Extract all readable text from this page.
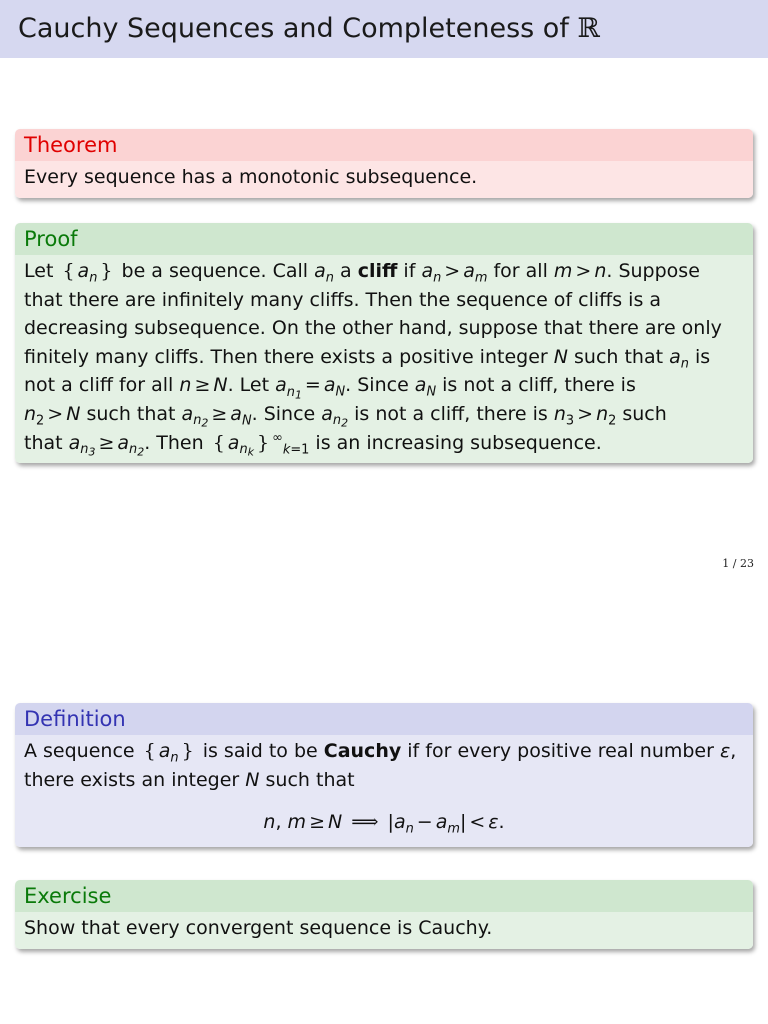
Cauchy Sequences and Completeness of ℝ
Theorem
Every sequence has a monotonic subsequence.
Proof
Let { $a_n$ } be a sequence. Call $a_n$ a cliff if $a_n > a_m$ for all m > n. Suppose
that there are infinitely many cliffs. Then the sequence of cliffs is a
decreasing subsequence. On the other hand, suppose that there are only
finitely many cliffs. Then there exists a positive integer N such that $a_n$ is
not a cliff for all n ≥ N. Let $a_{n_1} = a_N$. Since $a_N$ is not a cliff, there is
$n_2 > N$ such that $a_{n_2} \ge a_N$. Since $a_{n_2}$ is not a cliff, there is $n_3 > n_2$ such
that $a_{n_3} \ge a_{n_2}$. Then { $a_{n_k}$ } ∞$_{k=1}$ is an increasing subsequence.
1 / 23
Definition
A sequence { $a_n$ } is said to be Cauchy if for every positive real number ε,
there exists an integer N such that
n, m ≥ N ⟹ $|a_n - a_m| < \varepsilon$.
Exercise
Show that every convergent sequence is Cauchy.
